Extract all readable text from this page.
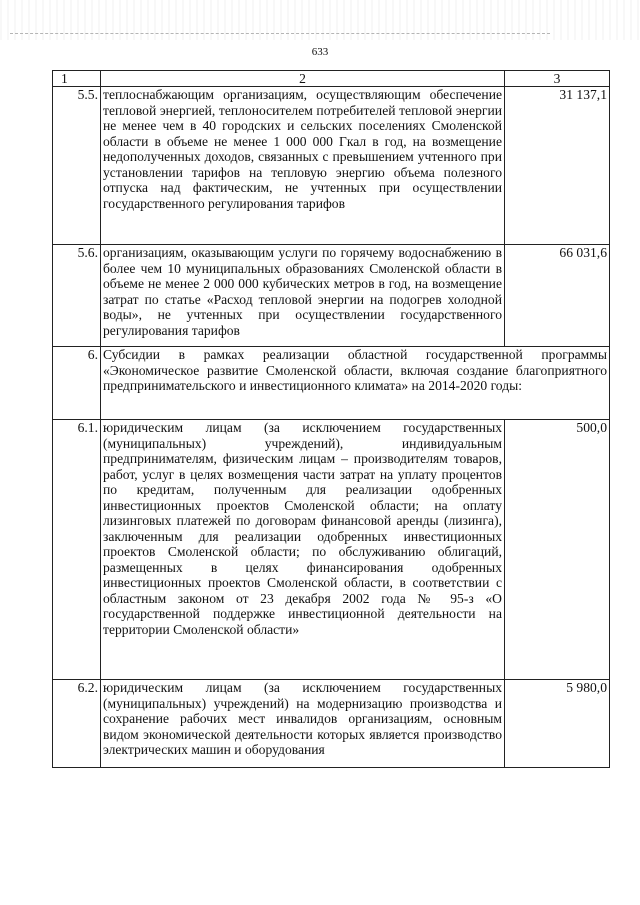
633
1	2	3
5.5.	теплоснабжающим организациям, осуществляющим обеспечение тепловой энергией, теплоносителем потребителей тепловой энергии не менее чем в 40 городских и сельских поселениях Смоленской области в объеме не менее 1 000 000 Гкал в год, на возмещение недополученных доходов, связанных с превышением учтенного при установлении тарифов на тепловую энергию объема полезного отпуска над фактическим, не учтенных при осуществлении государственного регулирования тарифов	31 137,1
5.6.	организациям, оказывающим услуги по горячему водоснабжению в более чем 10 муниципальных образованиях Смоленской области в объеме не менее 2 000 000 кубических метров в год, на возмещение затрат по статье «Расход тепловой энергии на подогрев холодной воды», не учтенных при осуществлении государственного регулирования тарифов	66 031,6
6.	Субсидии в рамках реализации областной государственной программы «Экономическое развитие Смоленской области, включая создание благоприятного предпринимательского и инвестиционного климата» на 2014-2020 годы:	
6.1.	юридическим лицам (за исключением государственных (муниципальных) учреждений), индивидуальным предпринимателям, физическим лицам – производителям товаров, работ, услуг в целях возмещения части затрат на уплату процентов по кредитам, полученным для реализации одобренных инвестиционных проектов Смоленской области; на оплату лизинговых платежей по договорам финансовой аренды (лизинга), заключенным для реализации одобренных инвестиционных проектов Смоленской области; по обслуживанию облигаций, размещенных в целях финансирования одобренных инвестиционных проектов Смоленской области, в соответствии с областным законом от 23 декабря 2002 года № 95-з «О государственной поддержке инвестиционной деятельности на территории Смоленской области»	500,0
6.2.	юридическим лицам (за исключением государственных (муниципальных) учреждений) на модернизацию производства и сохранение рабочих мест инвалидов организациям, основным видом экономической деятельности которых является производство электрических машин и оборудования	5 980,0
